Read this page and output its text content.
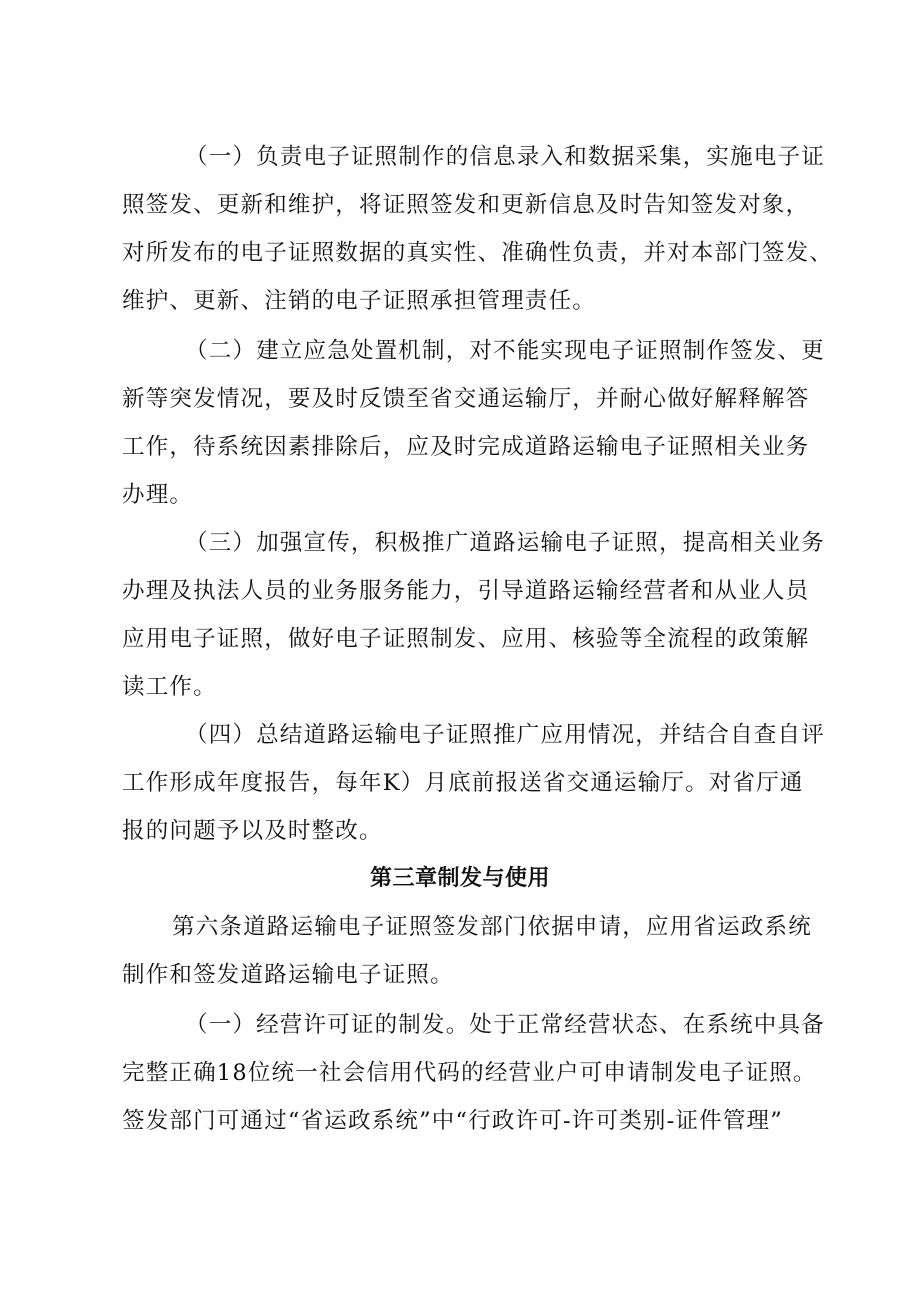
（一）负责电子证照制作的信息录入和数据采集，实施电子证
照签发、更新和维护，将证照签发和更新信息及时告知签发对象，
对所发布的电子证照数据的真实性、准确性负责，并对本部门签发、
维护、更新、注销的电子证照承担管理责任。
（二）建立应急处置机制，对不能实现电子证照制作签发、更
新等突发情况，要及时反馈至省交通运输厅，并耐心做好解释解答
工作，待系统因素排除后，应及时完成道路运输电子证照相关业务
办理。
（三）加强宣传，积极推广道路运输电子证照，提高相关业务
办理及执法人员的业务服务能力，引导道路运输经营者和从业人员
应用电子证照，做好电子证照制发、应用、核验等全流程的政策解
读工作。
（四）总结道路运输电子证照推广应用情况，并结合自查自评
工作形成年度报告，每年K）月底前报送省交通运输厅。对省厅通
报的问题予以及时整改。
第三章制发与使用
第六条道路运输电子证照签发部门依据申请，应用省运政系统
制作和签发道路运输电子证照。
（一）经营许可证的制发。处于正常经营状态、在系统中具备
完整正确18位统一社会信用代码的经营业户可申请制发电子证照。
签发部门可通过“省运政系统”中“行政许可-许可类别-证件管理”
